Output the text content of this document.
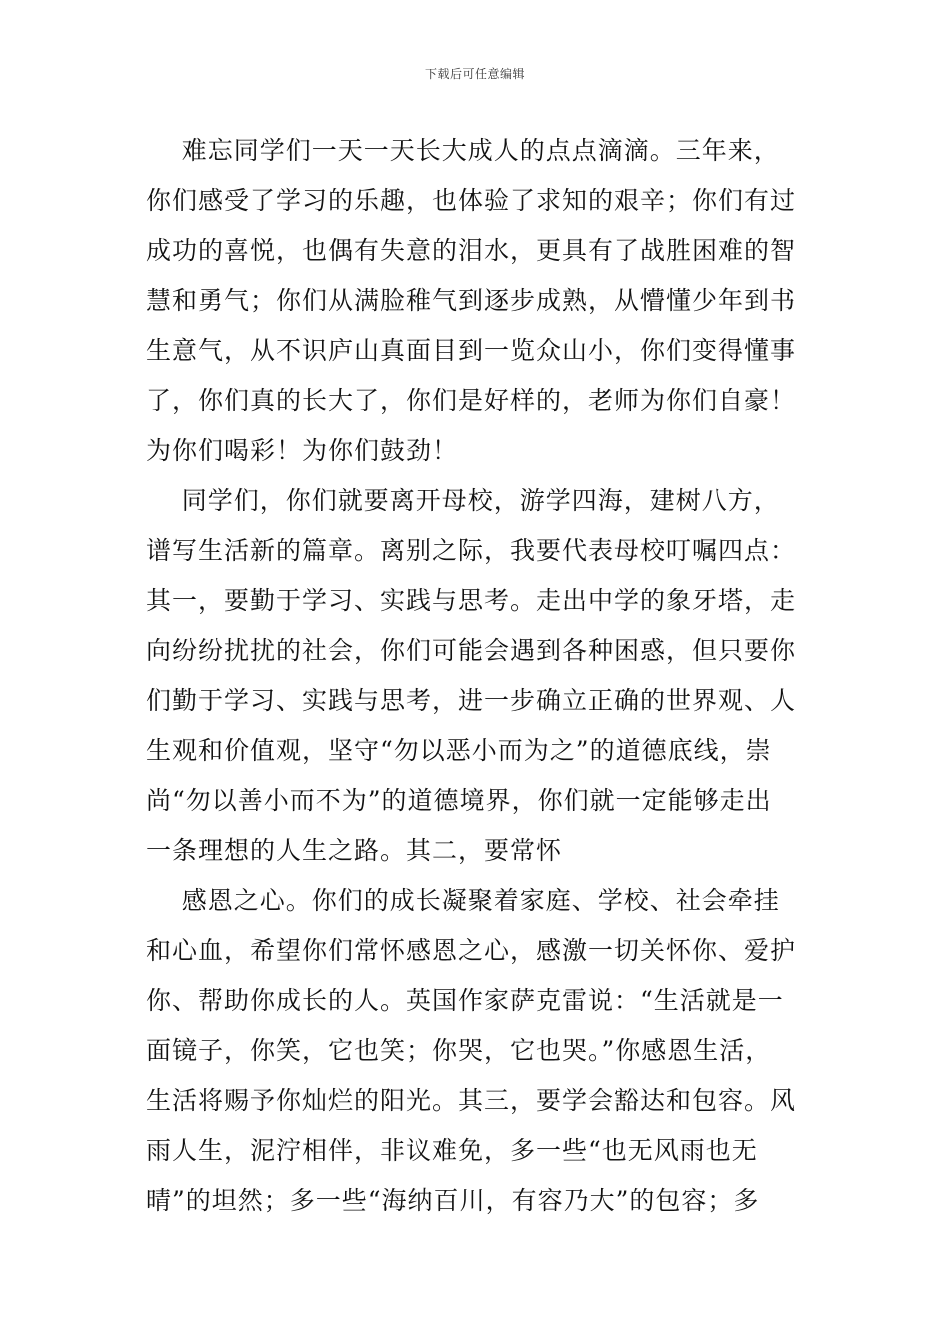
下载后可任意编辑
难忘同学们一天一天长大成人的点点滴滴。三年来，
你们感受了学习的乐趣，也体验了求知的艰辛；你们有过
成功的喜悦，也偶有失意的泪水，更具有了战胜困难的智
慧和勇气；你们从满脸稚气到逐步成熟，从懵懂少年到书
生意气，从不识庐山真面目到一览众山小，你们变得懂事
了，你们真的长大了，你们是好样的，老师为你们自豪！
为你们喝彩！为你们鼓劲！
同学们，你们就要离开母校，游学四海，建树八方，
谱写生活新的篇章。离别之际，我要代表母校叮嘱四点：
其一，要勤于学习、实践与思考。走出中学的象牙塔，走
向纷纷扰扰的社会，你们可能会遇到各种困惑，但只要你
们勤于学习、实践与思考，进一步确立正确的世界观、人
生观和价值观，坚守“勿以恶小而为之”的道德底线，崇
尚“勿以善小而不为”的道德境界，你们就一定能够走出
一条理想的人生之路。其二，要常怀
感恩之心。你们的成长凝聚着家庭、学校、社会牵挂
和心血，希望你们常怀感恩之心，感激一切关怀你、爱护
你、帮助你成长的人。英国作家萨克雷说：“生活就是一
面镜子，你笑，它也笑；你哭，它也哭。”你感恩生活，
生活将赐予你灿烂的阳光。其三，要学会豁达和包容。风
雨人生，泥泞相伴，非议难免，多一些“也无风雨也无
晴”的坦然；多一些“海纳百川，有容乃大”的包容；多
